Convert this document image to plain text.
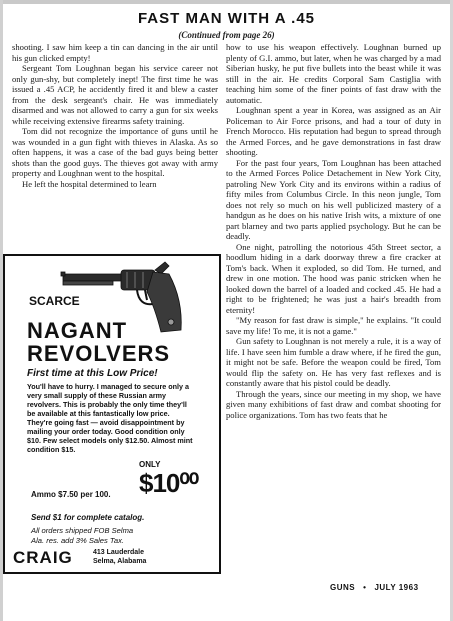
FAST MAN WITH A .45
(Continued from page 26)

shooting. I saw him keep a tin can dancing in the air until his gun clicked empty!

Sergeant Tom Loughnan began his service career not only gun-shy, but completely inept! The first time he was issued a .45 ACP, he accidently fired it and blew a caster from the desk sergeant's chair. He was immediately disarmed and was not allowed to carry a gun for six weeks while receiving extensive firearms safety training.

Tom did not recognize the importance of guns until he was wounded in a gun fight with thieves in Alaska. As so often happens, it was a case of the bad guys being better shots than the good guys. The thieves got away with army property and Loughnan went to the hospital.

He left the hospital determined to learn

how to use his weapon effectively. Loughnan burned up plenty of G.I. ammo, but later, when he was charged by a mad Siberian husky, he put five bullets into the beast while it was still in the air. He credits Corporal Sam Castiglia with teaching him some of the finer points of fast draw with the automatic.

Loughnan spent a year in Korea, was assigned as an Air Policeman to Air Force prisons, and had a tour of duty in French Morocco. His reputation had begun to spread through the Armed Forces, and he gave demonstrations in fast draw shooting.

For the past four years, Tom Loughnan has been attached to the Armed Forces Police Detachement in New York City, patroling New York City and its environs within a radius of fifty miles from Columbus Circle. In this neon jungle, Tom does not rely so much on his well publicized mastery of a handgun as he does on his native Irish wits, a mixture of one part blarney and two parts applied psychology. But he can be deadly.

One night, patrolling the notorious 45th Street sector, a hoodlum hiding in a dark doorway threw a fire cracker at Tom's back. When it exploded, so did Tom. He turned, and drew in one motion. The hood was panic stricken when he looked down the barrel of a loaded and cocked .45. He had a right to be frightened; he was just a hair's breadth from eternity!

"My reason for fast draw is simple," he explains. "It could save my life! To me, it is not a game."

Gun safety to Loughnan is not merely a rule, it is a way of life. I have seen him fumble a draw where, if he fired the gun, it might not be safe. Before the weapon could be fired, Tom would flip the safety on. He has very fast reflexes and is constantly aware that his pistol could be deadly.

Through the years, since our meeting in my shop, we have given many exhibitions of fast draw and combat shooting for police organizations. Tom has two feats that he

SCARCE
NAGANT
REVOLVERS
First time at this Low Price!
You'll have to hurry. I managed to secure only a very small supply of these Russian army revolvers. This is probably the only time they'll be available at this fantastically low price. They're going fast — avoid disappointment by mailing your order today. Good condition only $10. Few select models only $12.50. Almost mint condition $15.
ONLY
$10⁰⁰
Ammo $7.50 per 100.
Send $1 for complete catalog.
All orders shipped FOB Selma
Ala. res. add 3% Sales Tax.
CRAIG	413 Lauderdale
Selma, Alabama
GUNS • JULY 1963
